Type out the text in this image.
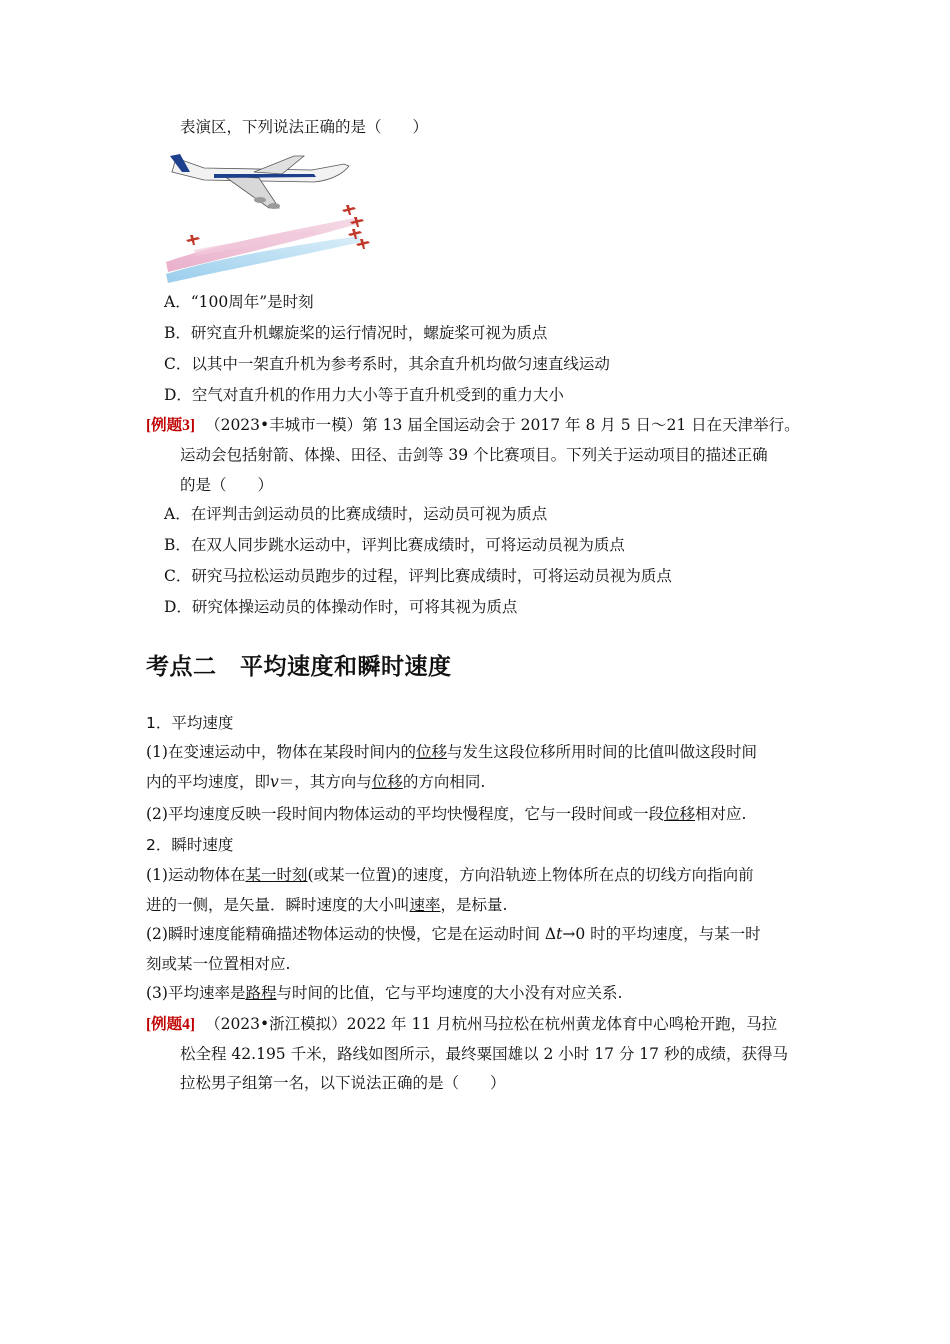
表演区，下列说法正确的是（　　）
A．“100周年”是时刻
B．研究直升机螺旋桨的运行情况时，螺旋桨可视为质点
C．以其中一架直升机为参考系时，其余直升机均做匀速直线运动
D．空气对直升机的作用力大小等于直升机受到的重力大小
[例题3] （2023•丰城市一模）第 13 届全国运动会于 2017 年 8 月 5 日～21 日在天津举行。
运动会包括射箭、体操、田径、击剑等 39 个比赛项目。下列关于运动项目的描述正确
的是（　　）
A．在评判击剑运动员的比赛成绩时，运动员可视为质点
B．在双人同步跳水运动中，评判比赛成绩时，可将运动员视为质点
C．研究马拉松运动员跑步的过程，评判比赛成绩时，可将运动员视为质点
D．研究体操运动员的体操动作时，可将其视为质点
考点二　平均速度和瞬时速度
1．平均速度
(1)在变速运动中，物体在某段时间内的位移与发生这段位移所用时间的比值叫做这段时间
内的平均速度，即v＝，其方向与位移的方向相同.
(2)平均速度反映一段时间内物体运动的平均快慢程度，它与一段时间或一段位移相对应.
2．瞬时速度
(1)运动物体在某一时刻(或某一位置)的速度，方向沿轨迹上物体所在点的切线方向指向前
进的一侧，是矢量．瞬时速度的大小叫速率，是标量.
(2)瞬时速度能精确描述物体运动的快慢，它是在运动时间 Δt→0 时的平均速度，与某一时
刻或某一位置相对应.
(3)平均速率是路程与时间的比值，它与平均速度的大小没有对应关系.
[例题4] （2023•浙江模拟）2022 年 11 月杭州马拉松在杭州黄龙体育中心鸣枪开跑，马拉
松全程 42.195 千米，路线如图所示，最终粟国雄以 2 小时 17 分 17 秒的成绩，获得马
拉松男子组第一名，以下说法正确的是（　　）
